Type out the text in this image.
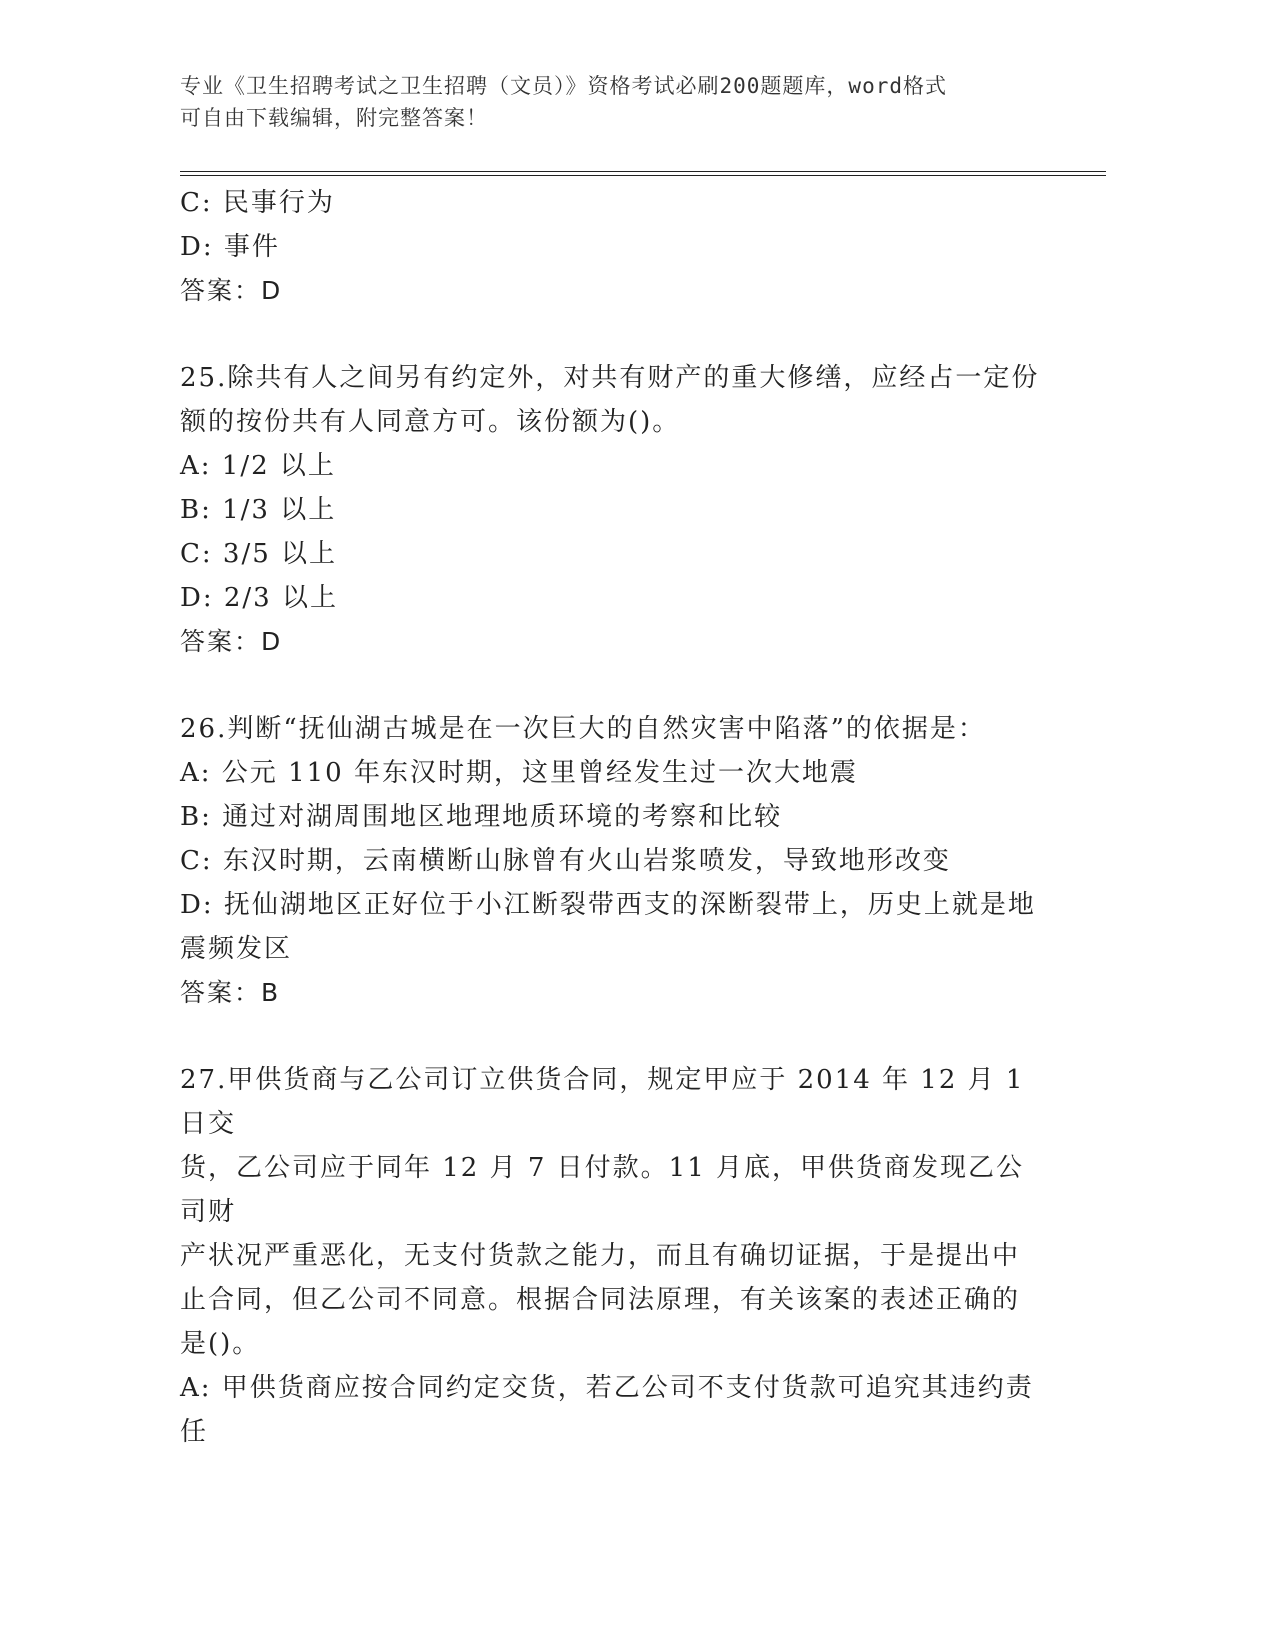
专业《卫生招聘考试之卫生招聘（文员）》资格考试必刷200题题库，word格式
可自由下载编辑，附完整答案！

C: 民事行为

D: 事件

答案：D

25.除共有人之间另有约定外，对共有财产的重大修缮，应经占一定份

额的按份共有人同意方可。该份额为()。

A: 1/2 以上

B: 1/3 以上

C: 3/5 以上

D: 2/3 以上

答案：D

26.判断“抚仙湖古城是在一次巨大的自然灾害中陷落”的依据是：

A: 公元 110 年东汉时期，这里曾经发生过一次大地震

B: 通过对湖周围地区地理地质环境的考察和比较

C: 东汉时期，云南横断山脉曾有火山岩浆喷发，导致地形改变

D: 抚仙湖地区正好位于小江断裂带西支的深断裂带上，历史上就是地

震频发区

答案：B

27.甲供货商与乙公司订立供货合同，规定甲应于 2014 年 12 月 1 日交

货，乙公司应于同年 12 月 7 日付款。11 月底，甲供货商发现乙公司财

产状况严重恶化，无支付货款之能力，而且有确切证据，于是提出中

止合同，但乙公司不同意。根据合同法原理，有关该案的表述正确的

是()。

A: 甲供货商应按合同约定交货，若乙公司不支付货款可追究其违约责

任
